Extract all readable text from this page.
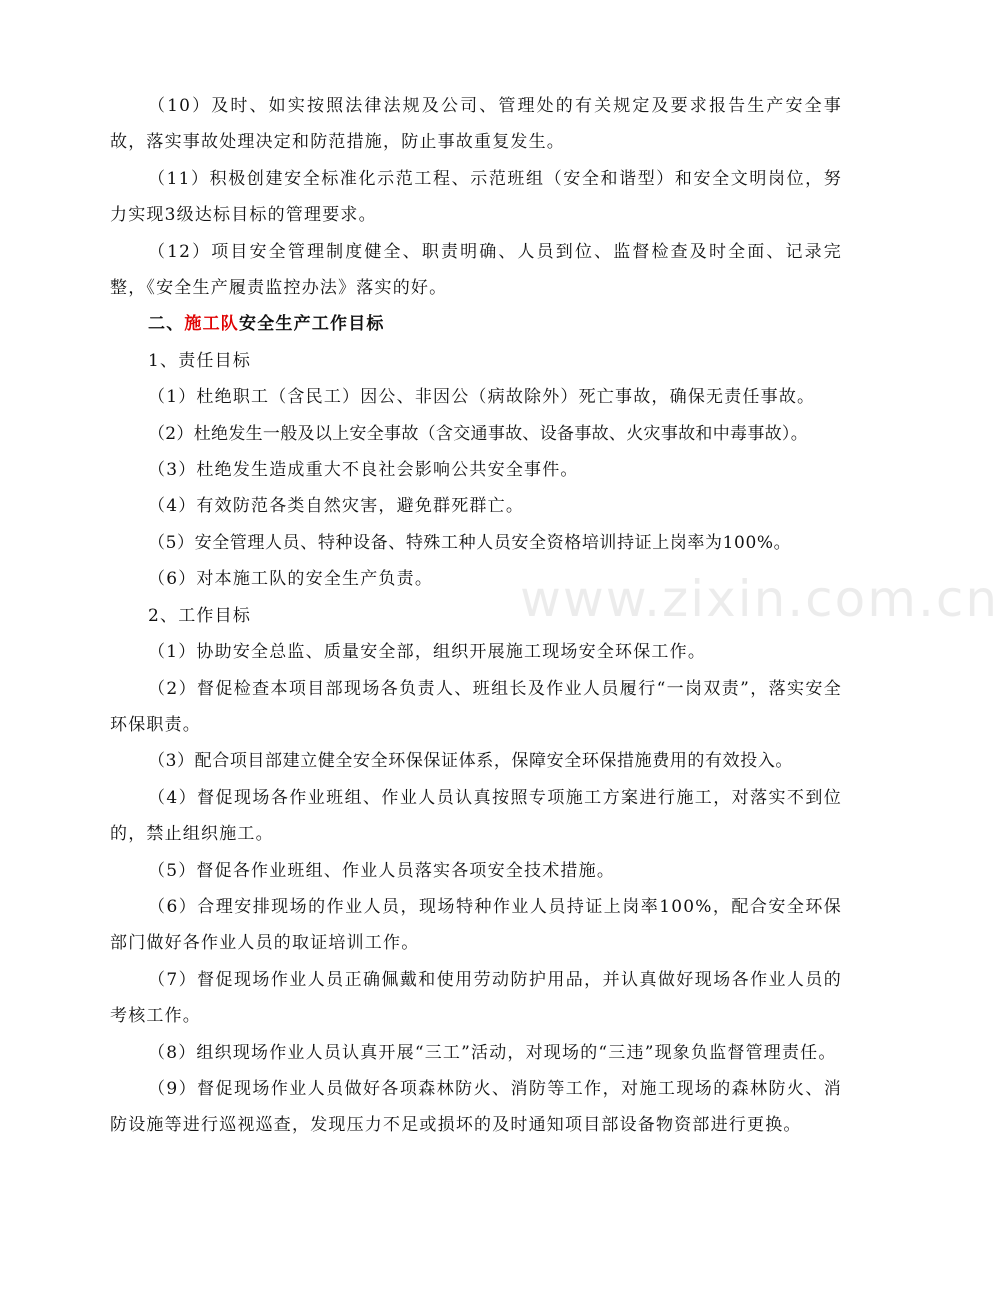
（10）及时、如实按照法律法规及公司、管理处的有关规定及要求报告生产安全事故，落实事故处理决定和防范措施，防止事故重复发生。

（11）积极创建安全标准化示范工程、示范班组（安全和谐型）和安全文明岗位，努力实现3级达标目标的管理要求。

（12）项目安全管理制度健全、职责明确、人员到位、监督检查及时全面、记录完整，《安全生产履责监控办法》落实的好。

二、施工队安全生产工作目标

1、责任目标

（1）杜绝职工（含民工）因公、非因公（病故除外）死亡事故，确保无责任事故。

（2）杜绝发生一般及以上安全事故（含交通事故、设备事故、火灾事故和中毒事故）。

（3）杜绝发生造成重大不良社会影响公共安全事件。

（4）有效防范各类自然灾害，避免群死群亡。

（5）安全管理人员、特种设备、特殊工种人员安全资格培训持证上岗率为100%。

（6）对本施工队的安全生产负责。

2、工作目标

（1）协助安全总监、质量安全部，组织开展施工现场安全环保工作。

（2）督促检查本项目部现场各负责人、班组长及作业人员履行“一岗双责”，落实安全环保职责。

（3）配合项目部建立健全安全环保保证体系，保障安全环保措施费用的有效投入。

（4）督促现场各作业班组、作业人员认真按照专项施工方案进行施工，对落实不到位的，禁止组织施工。

（5）督促各作业班组、作业人员落实各项安全技术措施。

（6）合理安排现场的作业人员，现场特种作业人员持证上岗率100%，配合安全环保部门做好各作业人员的取证培训工作。

（7）督促现场作业人员正确佩戴和使用劳动防护用品，并认真做好现场各作业人员的考核工作。

（8）组织现场作业人员认真开展“三工”活动，对现场的“三违”现象负监督管理责任。

（9）督促现场作业人员做好各项森林防火、消防等工作，对施工现场的森林防火、消防设施等进行巡视巡查，发现压力不足或损坏的及时通知项目部设备物资部进行更换。

www.zixin.com.cn
